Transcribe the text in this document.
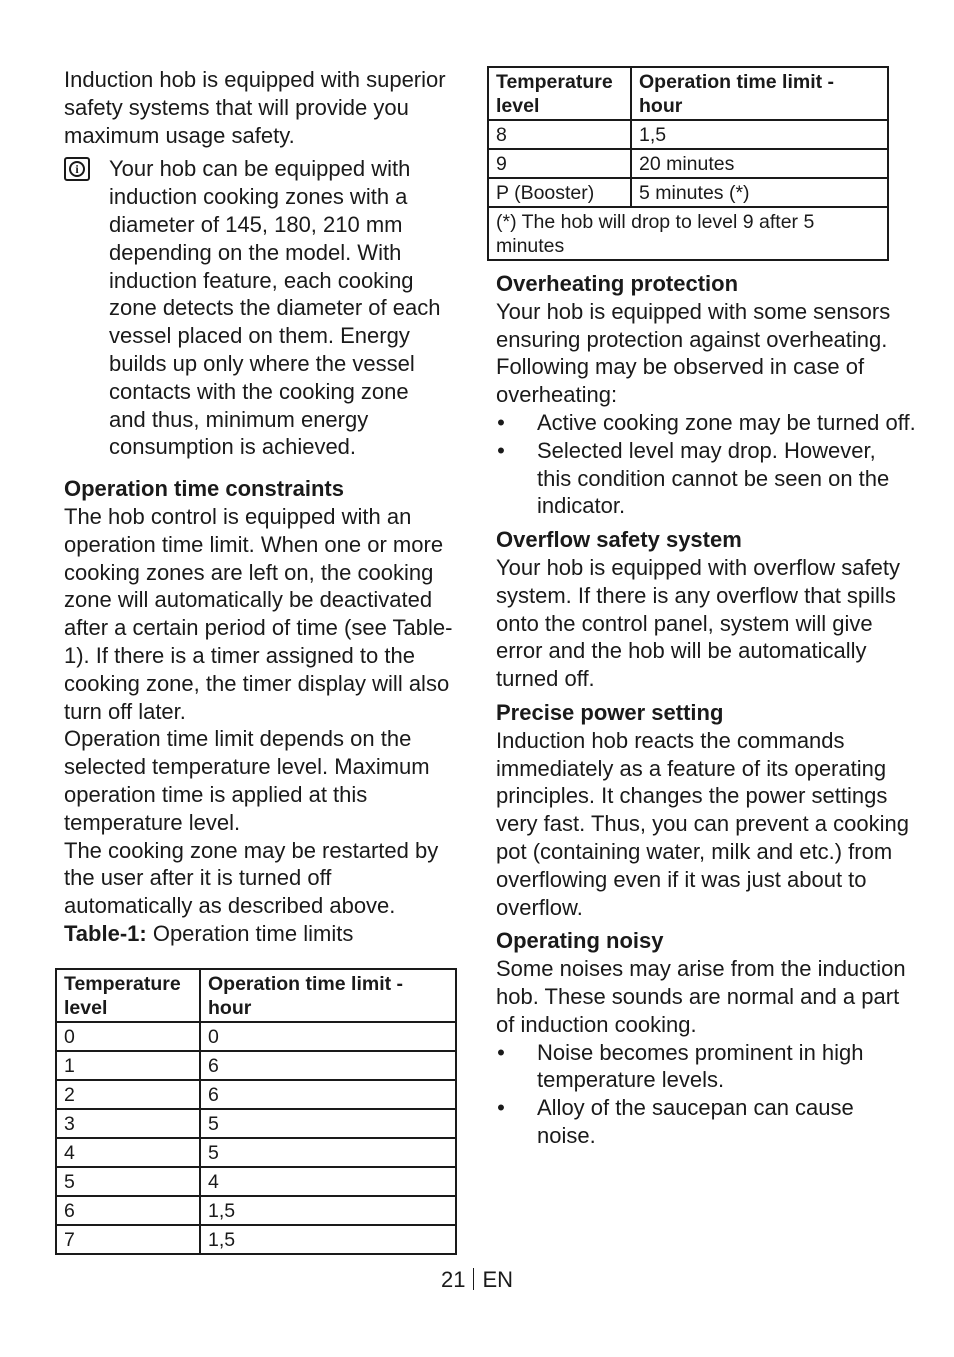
Induction hob is equipped with superior safety systems that will provide you maximum usage safety.

i Your hob can be equipped with induction cooking zones with a diameter of 145, 180, 210 mm depending on the model. With induction feature, each cooking zone detects the diameter of each vessel placed on them. Energy builds up only where the vessel contacts with the cooking zone and thus, minimum energy consumption is achieved.

Operation time constraints

The hob control is equipped with an operation time limit. When one or more cooking zones are left on, the cooking zone will automatically be deactivated after a certain period of time (see Table-1). If there is a timer assigned to the cooking zone, the timer display will also turn off later.

Operation time limit depends on the selected temperature level. Maximum operation time is applied at this temperature level.

The cooking zone may be restarted by the user after it is turned off automatically as described above.

Table-1: Operation time limits

Temperature level	Operation time limit - hour
0	0
1	6
2	6
3	5
4	5
5	4
6	1,5
7	1,5
Temperature level	Operation time limit - hour
8	1,5
9	20 minutes
P (Booster)	5 minutes (*)
(*) The hob will drop to level 9 after 5 minutes	
Overheating protection

Your hob is equipped with some sensors ensuring protection against overheating. Following may be observed in case of overheating:

• Active cooking zone may be turned off.
• Selected level may drop. However, this condition cannot be seen on the indicator.
Overflow safety system

Your hob is equipped with overflow safety system. If there is any overflow that spills onto the control panel, system will give error and the hob will be automatically turned off.

Precise power setting

Induction hob reacts the commands immediately as a feature of its operating principles. It changes the power settings very fast. Thus, you can prevent a cooking pot (containing water, milk and etc.) from overflowing even if it was just about to overflow.

Operating noisy

Some noises may arise from the induction hob. These sounds are normal and a part of induction cooking.

• Noise becomes prominent in high temperature levels.
• Alloy of the saucepan can cause noise.
21 EN
